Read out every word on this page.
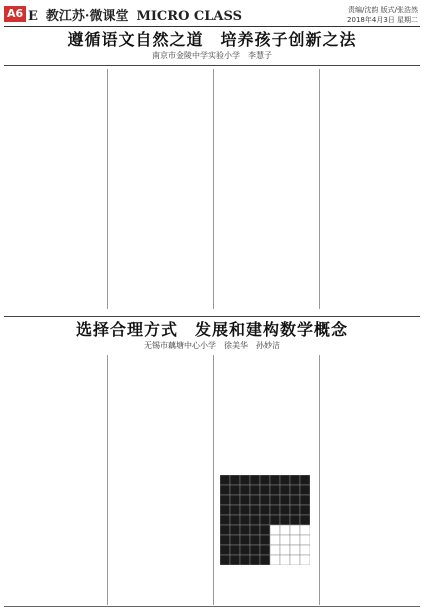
A6 E 教江苏·微课堂 MICRO CLASS	责编/沈韵 版式/张浩然
2018年4月3日 星期二
遵循语文自然之道　培养孩子创新之法
南京市金陵中学实验小学　李慧子

选择合理方式　发展和建构数学概念
无锡市藕塘中心小学　徐美华　孙妙洁
